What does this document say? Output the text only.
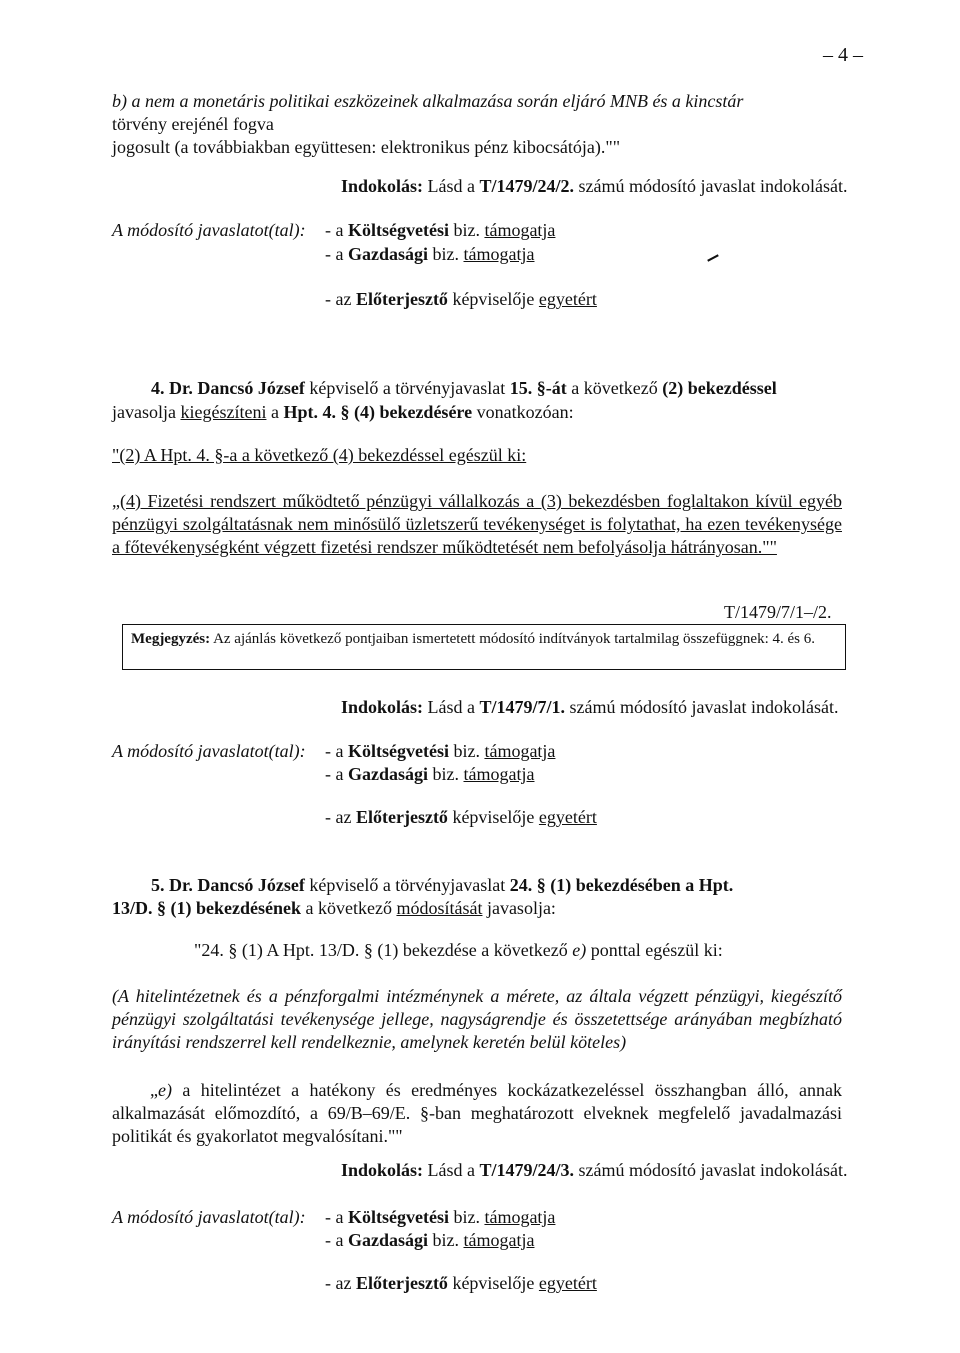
– 4 –
b) a nem a monetáris politikai eszközeinek alkalmazása során eljáró MNB és a kincstár
törvény erejénél fogva
jogosult (a továbbiakban együttesen: elektronikus pénz kibocsátója).""
Indokolás: Lásd a T/1479/24/2. számú módosító javaslat indokolását.
A módosító javaslatot(tal): - a Költségvetési biz. támogatja
- a Gazdasági biz. támogatja
- az Előterjesztő képviselője egyetért
4. Dr. Dancsó József képviselő a törvényjavaslat 15. §-át a következő (2) bekezdéssel
javasolja kiegészíteni a Hpt. 4. § (4) bekezdésére vonatkozóan:
"(2) A Hpt. 4. §-a a következő (4) bekezdéssel egészül ki:
„(4) Fizetési rendszert működtető pénzügyi vállalkozás a (3) bekezdésben foglaltakon kívül egyéb pénzügyi szolgáltatásnak nem minősülő üzletszerű tevékenységet is folytathat, ha ezen tevékenysége a főtevékenységként végzett fizetési rendszer működtetését nem befolyásolja hátrányosan.""
T/1479/7/1–/2.
Megjegyzés: Az ajánlás következő pontjaiban ismertetett módosító indítványok tartalmilag összefüggnek: 4. és 6.
Indokolás: Lásd a T/1479/7/1. számú módosító javaslat indokolását.
A módosító javaslatot(tal): - a Költségvetési biz. támogatja
- a Gazdasági biz. támogatja
- az Előterjesztő képviselője egyetért
5. Dr. Dancsó József képviselő a törvényjavaslat 24. § (1) bekezdésében a Hpt.
13/D. § (1) bekezdésének a következő módosítását javasolja:
"24. § (1) A Hpt. 13/D. § (1) bekezdése a következő e) ponttal egészül ki:
(A hitelintézetnek és a pénzforgalmi intézménynek a mérete, az általa végzett pénzügyi, kiegészítő pénzügyi szolgáltatási tevékenysége jellege, nagyságrendje és összetettsége arányában megbízható irányítási rendszerrel kell rendelkeznie, amelynek keretén belül köteles)
„e) a hitelintézet a hatékony és eredményes kockázatkezeléssel összhangban álló, annak alkalmazását előmozdító, a 69/B–69/E. §-ban meghatározott elveknek megfelelő javadalmazási politikát és gyakorlatot megvalósítani.""
Indokolás: Lásd a T/1479/24/3. számú módosító javaslat indokolását.
A módosító javaslatot(tal): - a Költségvetési biz. támogatja
- a Gazdasági biz. támogatja
- az Előterjesztő képviselője egyetért
